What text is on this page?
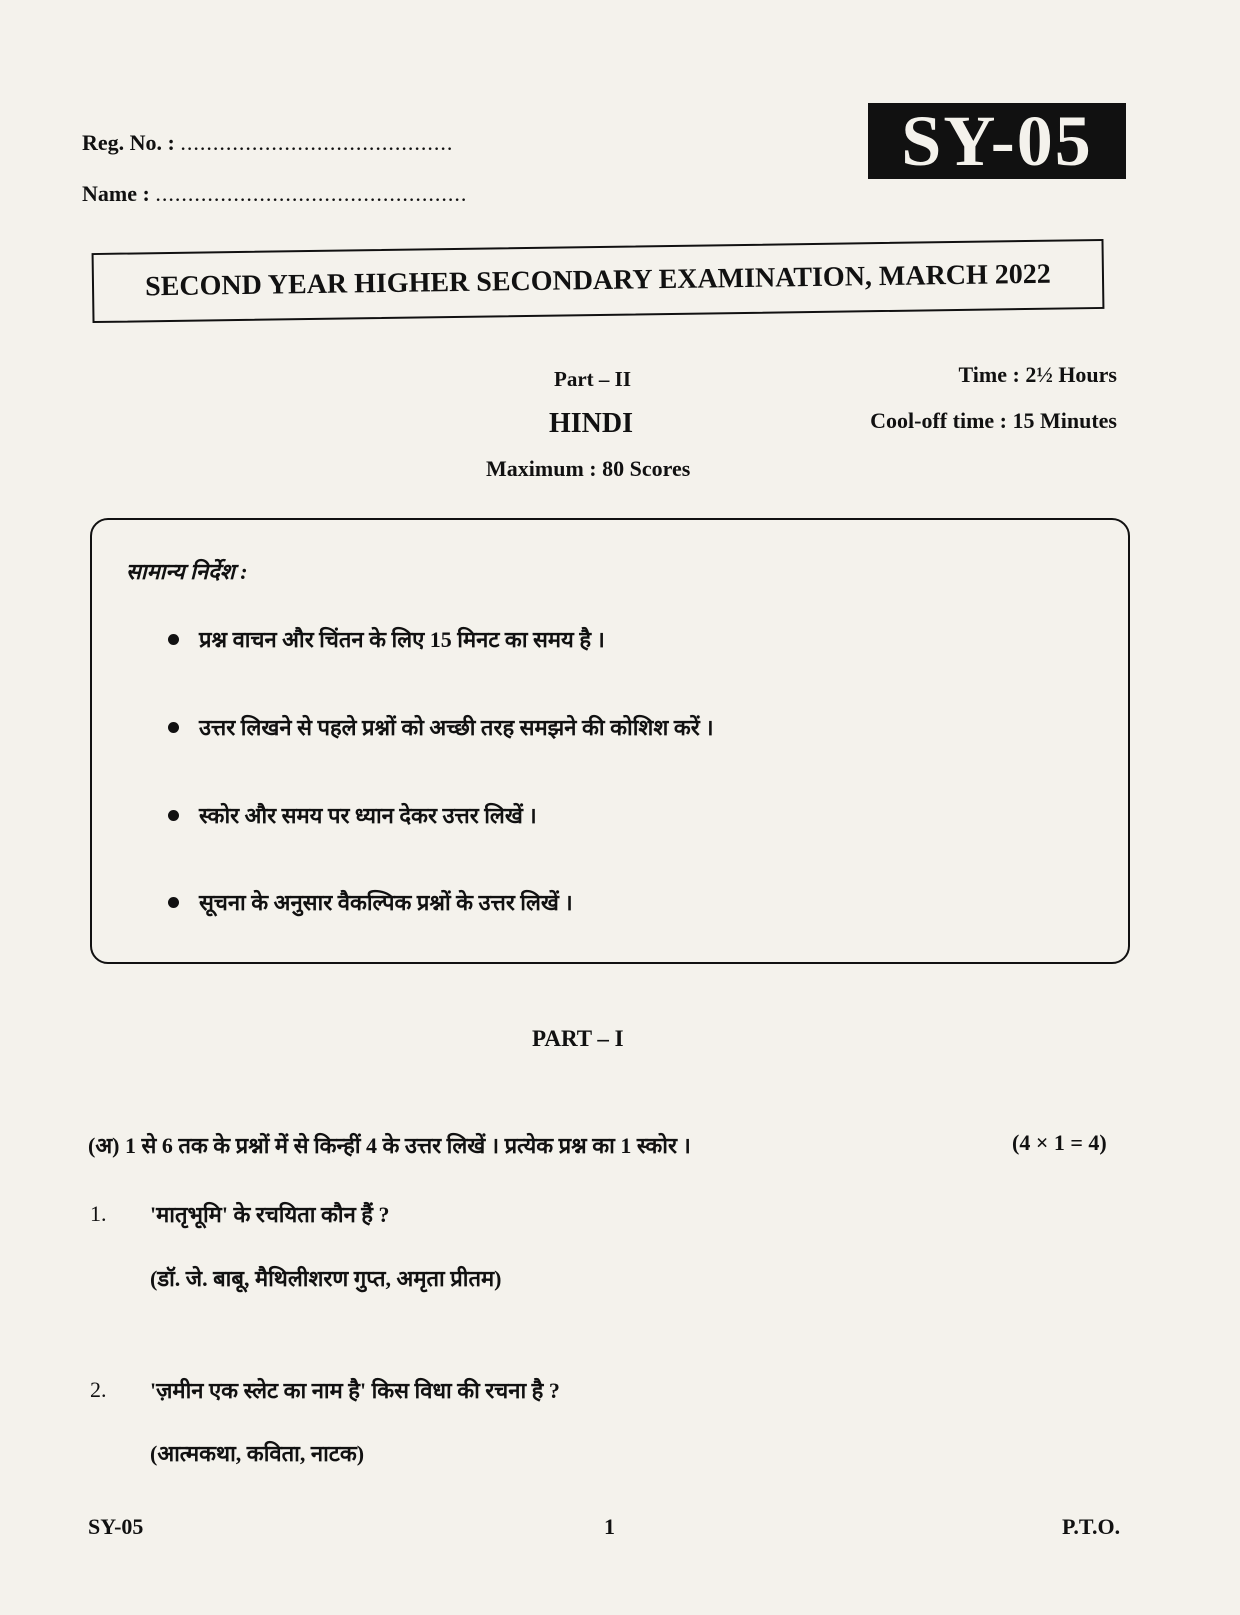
Reg. No. : ..........................................
Name : ................................................
SY-05
SECOND YEAR HIGHER SECONDARY EXAMINATION, MARCH 2022
Part – II
HINDI
Maximum : 80 Scores
Time : 2½ Hours
Cool-off time : 15 Minutes
सामान्य निर्देश :
प्रश्न वाचन और चिंतन के लिए 15 मिनट का समय है ।
उत्तर लिखने से पहले प्रश्नों को अच्छी तरह समझने की कोशिश करें ।
स्कोर और समय पर ध्यान देकर उत्तर लिखें ।
सूचना के अनुसार वैकल्पिक प्रश्नों के उत्तर लिखें ।
PART – I
(अ) 1 से 6 तक के प्रश्नों में से किन्हीं 4 के उत्तर लिखें । प्रत्येक प्रश्न का 1 स्कोर ।	(4 × 1 = 4)
1. 'मातृभूमि' के रचयिता कौन हैं ?
(डॉ. जे. बाबू, मैथिलीशरण गुप्त, अमृता प्रीतम)
2. 'ज़मीन एक स्लेट का नाम है' किस विधा की रचना है ?
(आत्मकथा, कविता, नाटक)
SY-05	1	P.T.O.
